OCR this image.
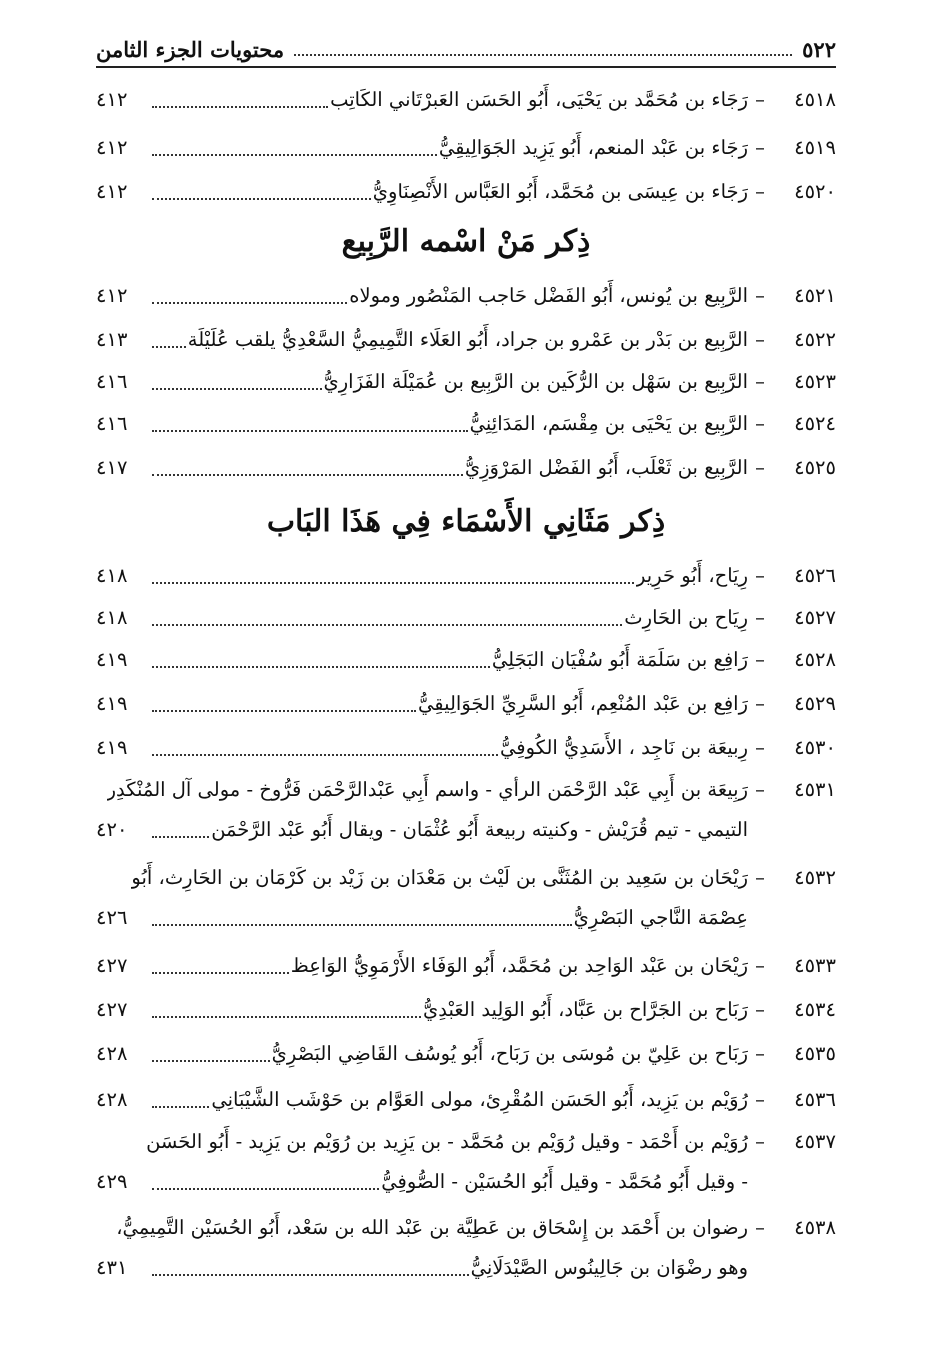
٥٢٢
محتويات الجزء الثامن
٤٥١٨
–
رَجَاء بن مُحَمَّد بن يَحْيَى، أَبُو الحَسَن العَبرْتَاني الكَاتِب
٤١٢
٤٥١٩
–
رَجَاء بن عَبْد المنعم، أَبُو يَزِيد الجَوَالِيقِيُّ
٤١٢
٤٥٢٠
–
رَجَاء بن عِيسَى بن مُحَمَّد، أَبُو العَبَّاس الأَنْصِنَاوِيُّ
٤١٢
ذِكر مَنْ اسْمه الرَّبِيع
٤٥٢١
–
الرَّبِيع بن يُونس، أَبُو الفَضْل حَاجب المَنْصُور ومولاه
٤١٢
٤٥٢٢
–
الرَّبِيع بن بَدْر بن عَمْرو بن جراد، أَبُو العَلَاء التَّمِيمِيُّ السَّعْدِيُّ يلقب عُلَيْلَة
٤١٣
٤٥٢٣
–
الرَّبِيع بن سَهْل بن الرُّكَين بن الرَّبِيع بن عُمَيْلَة الفَزَارِيُّ
٤١٦
٤٥٢٤
–
الرَّبِيع بن يَحْيَى بن مِقْسَم، المَدَائِنِيُّ
٤١٦
٤٥٢٥
–
الرَّبِيع بن ثَعْلَب، أَبُو الفَضْل المَرْوَزِيُّ
٤١٧
ذِكر مَثَانِي الأَسْمَاء فِي هَذَا البَاب
٤٥٢٦
–
رِيَاح، أَبُو حَرِير
٤١٨
٤٥٢٧
–
رِيَاح بن الحَارِث
٤١٨
٤٥٢٨
–
رَافِع بن سَلَمَة أَبُو سُفْيَان البَجَلِيُّ
٤١٩
٤٥٢٩
–
رَافِع بن عَبْد المُنْعِم، أَبُو السَّرِيِّ الجَوَالِيقِيُّ
٤١٩
٤٥٣٠
–
رِبيعَة بن نَاجِد ، الأَسَدِيُّ الكُوفِيُّ
٤١٩
٤٥٣١
–
رَبِيعَة بن أَبِي عَبْد الرَّحْمَن الرأي - واسم أَبِي عَبْدالرَّحْمَن فَرُّوخ - مولى آل المُنْكَدِر
التيمي - تيم قُرَيْش - وكنيته ربيعة أَبُو عُثْمَان - ويقال أَبُو عَبْد الرَّحْمَن
٤٢٠
٤٥٣٢
–
رَيْحَان بن سَعِيد بن المُثَنَّى بن لَيْث بن مَعْدَان بن زَيْد بن كَرْمَان بن الحَارِث، أَبُو
عِصْمَة النَّاجي البَصْرِيُّ
٤٢٦
٤٥٣٣
–
رَيْحَان بن عَبْد الوَاحِد بن مُحَمَّد، أَبُو الوَفَاء الأَرْمَوِيُّ الوَاعِظ
٤٢٧
٤٥٣٤
–
رَبَاح بن الجَرَّاح بن عَبَّاد، أَبُو الوَلِيد العَبْدِيُّ
٤٢٧
٤٥٣٥
–
رَبَاح بن عَلِيّ بن مُوسَى بن رَبَاح، أَبُو يُوسُف القَاضِي البَصْرِيُّ
٤٢٨
٤٥٣٦
–
رُوَيْم بن يَزِيد، أَبُو الحَسَن المُقْرِئ، مولى العَوَّام بن حَوْشَب الشَّيْبَانِي
٤٢٨
٤٥٣٧
–
رُوَيْم بن أَحْمَد - وقيل رُوَيْم بن مُحَمَّد - بن يَزِيد بن رُوَيْم بن يَزِيد - أَبُو الحَسَن
- وقيل أَبُو مُحَمَّد - وقيل أَبُو الحُسَيْن - الصُّوفِيُّ
٤٢٩
٤٥٣٨
–
رضوان بن أَحْمَد بن إِسْحَاق بن عَطِيَّة بن عَبْد الله بن سَعْد، أَبُو الحُسَيْن التَّمِيمِيُّ،
وهو رضْوَان بن جَالِينُوس الصَّيْدَلَانِيُّ
٤٣١
